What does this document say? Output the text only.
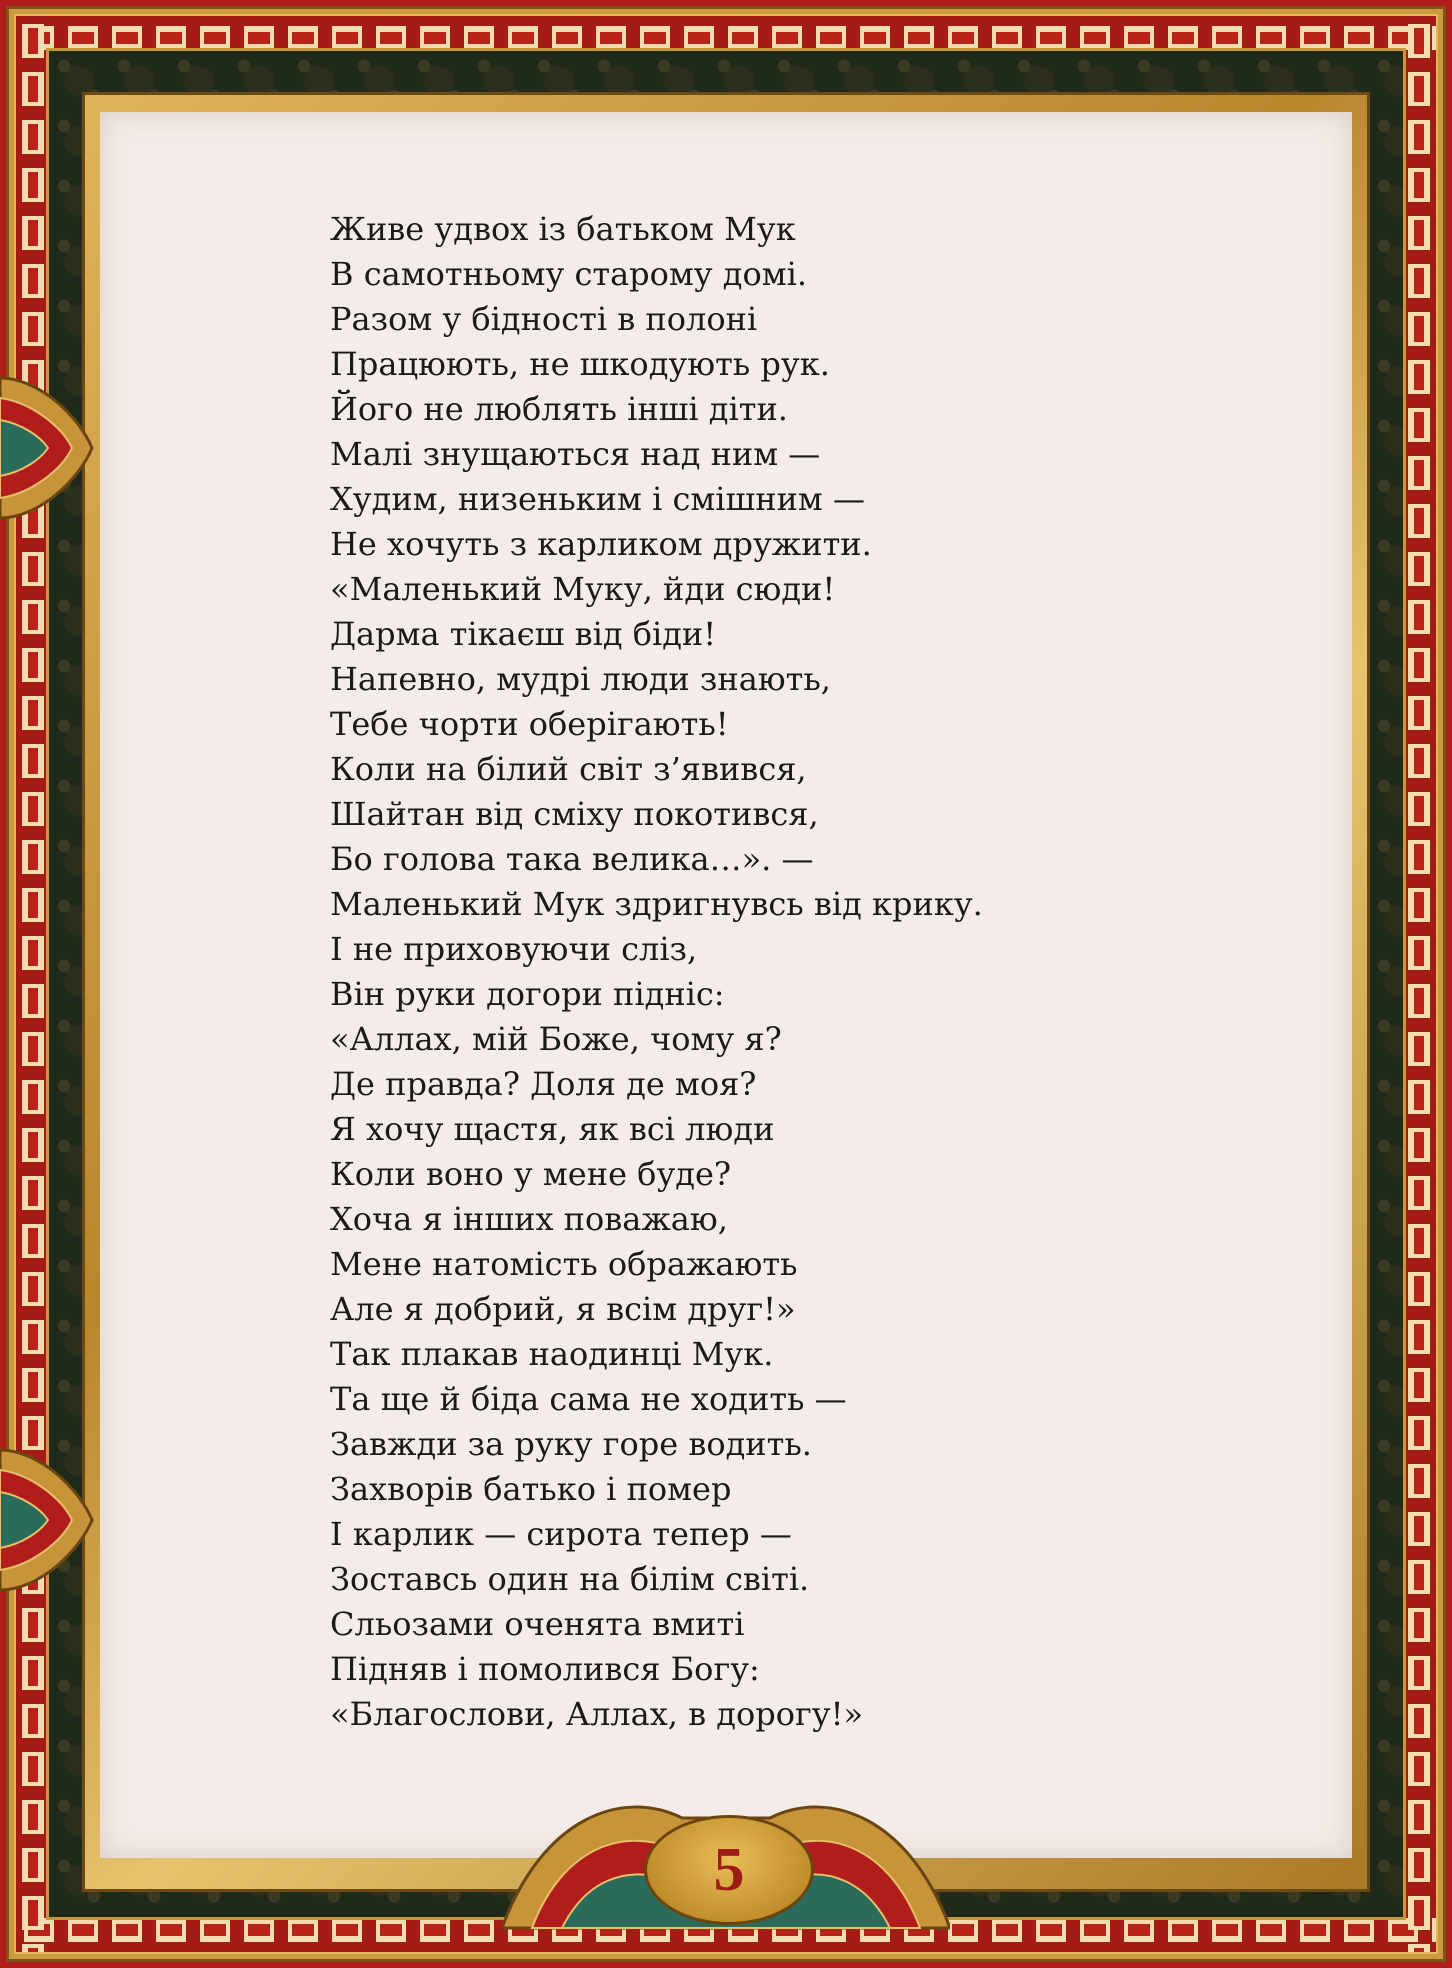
5
Живе удвох із батьком Мук
В самотньому старому домі.
Разом у бідності в полоні
Працюють, не шкодують рук.
Його не люблять інші діти.
Малі знущаються над ним —
Худим, низеньким і смішним —
Не хочуть з карликом дружити.
«Маленький Муку, йди сюди!
Дарма тікаєш від біди!
Напевно, мудрі люди знають,
Тебе чорти оберігають!
Коли на білий світ з’явився,
Шайтан від сміху покотився,
Бо голова така велика…». —
Маленький Мук здригнувсь від крику.
І не приховуючи сліз,
Він руки догори підніс:
«Аллах, мій Боже, чому я?
Де правда? Доля де моя?
Я хочу щастя, як всі люди
Коли воно у мене буде?
Хоча я інших поважаю,
Мене натомість ображають
Але я добрий, я всім друг!»
Так плакав наодинці Мук.
Та ще й біда сама не ходить —
Завжди за руку горе водить.
Захворів батько і помер
І карлик — сирота тепер —
Зоставсь один на білім світі.
Сльозами оченята вмиті
Підняв і помолився Богу:
«Благослови, Аллах, в дорогу!»
